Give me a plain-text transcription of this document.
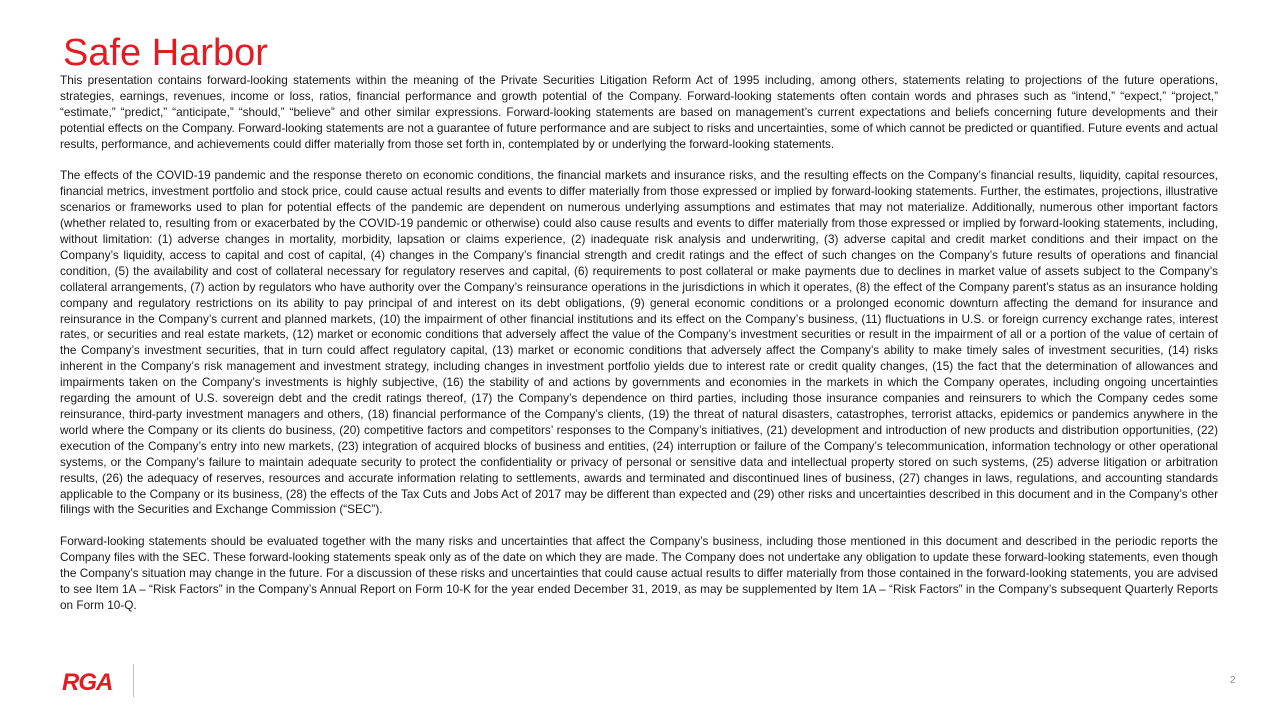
Safe Harbor

This presentation contains forward-looking statements within the meaning of the Private Securities Litigation Reform Act of 1995 including, among others, statements relating to projections of the future operations, strategies, earnings, revenues, income or loss, ratios, financial performance and growth potential of the Company. Forward-looking statements often contain words and phrases such as “intend,” “expect,” “project,” “estimate,” “predict,” “anticipate,” “should,” “believe” and other similar expressions. Forward-looking statements are based on management’s current expectations and beliefs concerning future developments and their potential effects on the Company. Forward-looking statements are not a guarantee of future performance and are subject to risks and uncertainties, some of which cannot be predicted or quantified. Future events and actual results, performance, and achievements could differ materially from those set forth in, contemplated by or underlying the forward-looking statements.

The effects of the COVID-19 pandemic and the response thereto on economic conditions, the financial markets and insurance risks, and the resulting effects on the Company’s financial results, liquidity, capital resources, financial metrics, investment portfolio and stock price, could cause actual results and events to differ materially from those expressed or implied by forward-looking statements. Further, the estimates, projections, illustrative scenarios or frameworks used to plan for potential effects of the pandemic are dependent on numerous underlying assumptions and estimates that may not materialize. Additionally, numerous other important factors (whether related to, resulting from or exacerbated by the COVID-19 pandemic or otherwise) could also cause results and events to differ materially from those expressed or implied by forward-looking statements, including, without limitation: (1) adverse changes in mortality, morbidity, lapsation or claims experience, (2) inadequate risk analysis and underwriting, (3) adverse capital and credit market conditions and their impact on the Company’s liquidity, access to capital and cost of capital, (4) changes in the Company’s financial strength and credit ratings and the effect of such changes on the Company’s future results of operations and financial condition, (5) the availability and cost of collateral necessary for regulatory reserves and capital, (6) requirements to post collateral or make payments due to declines in market value of assets subject to the Company’s collateral arrangements, (7) action by regulators who have authority over the Company’s reinsurance operations in the jurisdictions in which it operates, (8) the effect of the Company parent’s status as an insurance holding company and regulatory restrictions on its ability to pay principal of and interest on its debt obligations, (9) general economic conditions or a prolonged economic downturn affecting the demand for insurance and reinsurance in the Company’s current and planned markets, (10) the impairment of other financial institutions and its effect on the Company’s business, (11) fluctuations in U.S. or foreign currency exchange rates, interest rates, or securities and real estate markets, (12) market or economic conditions that adversely affect the value of the Company’s investment securities or result in the impairment of all or a portion of the value of certain of the Company’s investment securities, that in turn could affect regulatory capital, (13) market or economic conditions that adversely affect the Company’s ability to make timely sales of investment securities, (14) risks inherent in the Company’s risk management and investment strategy, including changes in investment portfolio yields due to interest rate or credit quality changes, (15) the fact that the determination of allowances and impairments taken on the Company’s investments is highly subjective, (16) the stability of and actions by governments and economies in the markets in which the Company operates, including ongoing uncertainties regarding the amount of U.S. sovereign debt and the credit ratings thereof, (17) the Company’s dependence on third parties, including those insurance companies and reinsurers to which the Company cedes some reinsurance, third-party investment managers and others, (18) financial performance of the Company’s clients, (19) the threat of natural disasters, catastrophes, terrorist attacks, epidemics or pandemics anywhere in the world where the Company or its clients do business, (20) competitive factors and competitors’ responses to the Company’s initiatives, (21) development and introduction of new products and distribution opportunities, (22) execution of the Company’s entry into new markets, (23) integration of acquired blocks of business and entities, (24) interruption or failure of the Company’s telecommunication, information technology or other operational systems, or the Company’s failure to maintain adequate security to protect the confidentiality or privacy of personal or sensitive data and intellectual property stored on such systems, (25) adverse litigation or arbitration results, (26) the adequacy of reserves, resources and accurate information relating to settlements, awards and terminated and discontinued lines of business, (27) changes in laws, regulations, and accounting standards applicable to the Company or its business, (28) the effects of the Tax Cuts and Jobs Act of 2017 may be different than expected and (29) other risks and uncertainties described in this document and in the Company’s other filings with the Securities and Exchange Commission (“SEC”).

Forward-looking statements should be evaluated together with the many risks and uncertainties that affect the Company’s business, including those mentioned in this document and described in the periodic reports the Company files with the SEC. These forward-looking statements speak only as of the date on which they are made. The Company does not undertake any obligation to update these forward-looking statements, even though the Company’s situation may change in the future. For a discussion of these risks and uncertainties that could cause actual results to differ materially from those contained in the forward-looking statements, you are advised to see Item 1A – “Risk Factors” in the Company’s Annual Report on Form 10-K for the year ended December 31, 2019, as may be supplemented by Item 1A – “Risk Factors” in the Company’s subsequent Quarterly Reports on Form 10-Q.

RGA	2
